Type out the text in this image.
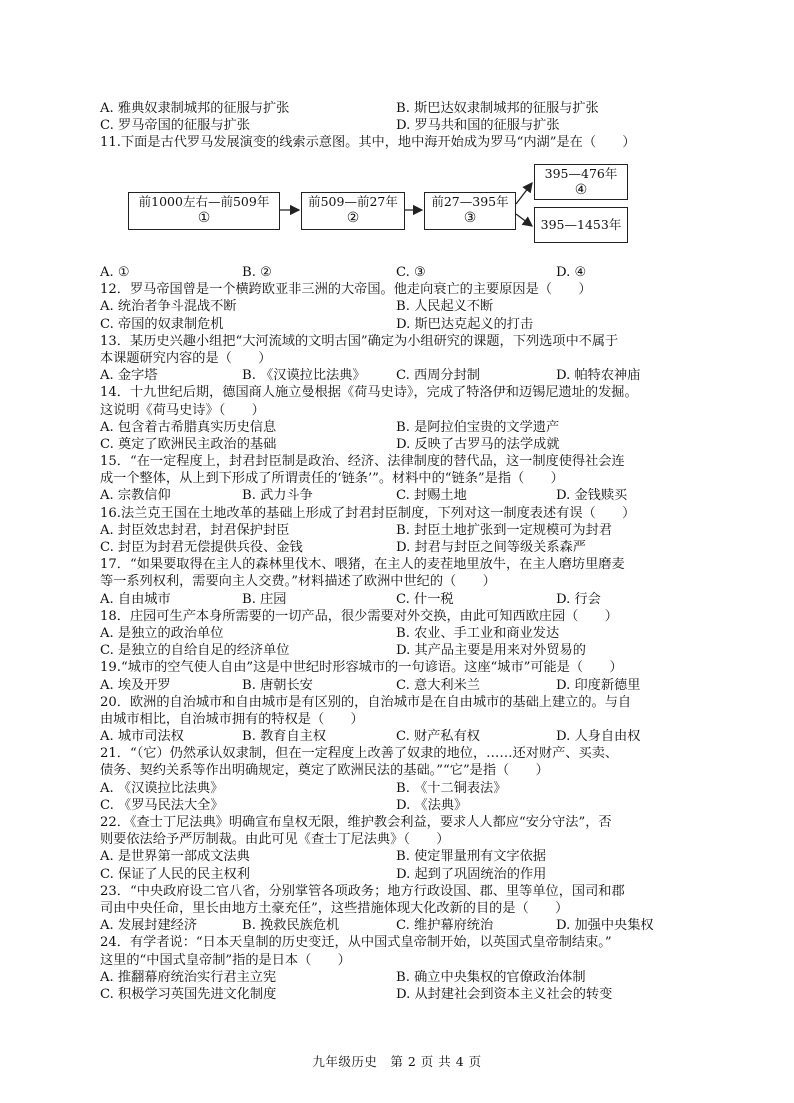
A. 雅典奴隶制城邦的征服与扩张	B. 斯巴达奴隶制城邦的征服与扩张
C. 罗马帝国的征服与扩张	D. 罗马共和国的征服与扩张
11.下面是古代罗马发展演变的线索示意图。其中，地中海开始成为罗马“内湖”是在（　　）
前1000左右—前509年
①
前509—前27年
②
前27—395年
③
395—476年
④
395—1453年
A. ①	B. ②	C. ③	D. ④
12．罗马帝国曾是一个横跨欧亚非三洲的大帝国。他走向衰亡的主要原因是（　　）
A. 统治者争斗混战不断	B. 人民起义不断
C. 帝国的奴隶制危机	D. 斯巴达克起义的打击
13．某历史兴趣小组把“大河流域的文明古国”确定为小组研究的课题，下列选项中不属于
本课题研究内容的是（　　）
A. 金字塔	B. 《汉谟拉比法典》 C. 西周分封制	D. 帕特农神庙
14．十九世纪后期，德国商人施立曼根据《荷马史诗》，完成了特洛伊和迈锡尼遗址的发掘。
这说明《荷马史诗》（　　）
A. 包含着古希腊真实历史信息	B. 是阿拉伯宝贵的文学遗产
C. 奠定了欧洲民主政治的基础	D. 反映了古罗马的法学成就
15．“在一定程度上，封君封臣制是政治、经济、法律制度的替代品，这一制度使得社会连
成一个整体，从上到下形成了所谓责任的‘链条’”。材料中的“链条”是指（　　）
A. 宗教信仰	B. 武力斗争	C. 封赐土地	D. 金钱赎买
16.法兰克王国在土地改革的基础上形成了封君封臣制度，下列对这一制度表述有误（　　）
A. 封臣效忠封君，封君保护封臣	B. 封臣土地扩张到一定规模可为封君
C. 封臣为封君无偿提供兵役、金钱	D. 封君与封臣之间等级关系森严
17．“如果要取得在主人的森林里伐木、喂猪，在主人的麦茬地里放牛，在主人磨坊里磨麦
等一系列权利，需要向主人交费。”材料描述了欧洲中世纪的（　　）
A. 自由城市	B. 庄园	C. 什一税	D. 行会
18．庄园可生产本身所需要的一切产品，很少需要对外交换，由此可知西欧庄园（　　）
A. 是独立的政治单位	B. 农业、手工业和商业发达
C. 是独立的自给自足的经济单位	D. 其产品主要是用来对外贸易的
19.“城市的空气使人自由”这是中世纪时形容城市的一句谚语。这座“城市”可能是（　　）
A. 埃及开罗	B. 唐朝长安	C. 意大利米兰	D. 印度新德里
20．欧洲的自治城市和自由城市是有区别的，自治城市是在自由城市的基础上建立的。与自
由城市相比，自治城市拥有的特权是（　　）
A. 城市司法权	B. 教育自主权	C. 财产私有权	D. 人身自由权
21．“（它）仍然承认奴隶制，但在一定程度上改善了奴隶的地位，……还对财产、买卖、
债务、契约关系等作出明确规定，奠定了欧洲民法的基础。”“它”是指（　　）
A. 《汉谟拉比法典》	B. 《十二铜表法》
C. 《罗马民法大全》	D. 《法典》
22．《查士丁尼法典》明确宣布皇权无限，维护教会利益，要求人人都应“安分守法”，否
则要依法给予严厉制裁。由此可见《查士丁尼法典》（　　）
A. 是世界第一部成文法典	B. 使定罪量刑有文字依据
C. 保证了人民的民主权利	D. 起到了巩固统治的作用
23．“中央政府设二官八省，分别掌管各项政务；地方行政设国、郡、里等单位，国司和郡
司由中央任命，里长由地方土豪充任”，这些措施体现大化改新的目的是（　　）
A. 发展封建经济	B. 挽救民族危机	C. 维护幕府统治	D. 加强中央集权
24．有学者说：“日本天皇制的历史变迁，从中国式皇帝制开始，以英国式皇帝制结束。”
这里的“中国式皇帝制”指的是日本（　　）
A. 推翻幕府统治实行君主立宪	B. 确立中央集权的官僚政治体制
C. 积极学习英国先进文化制度	D. 从封建社会到资本主义社会的转变
九年级历史　第 2 页 共 4 页
